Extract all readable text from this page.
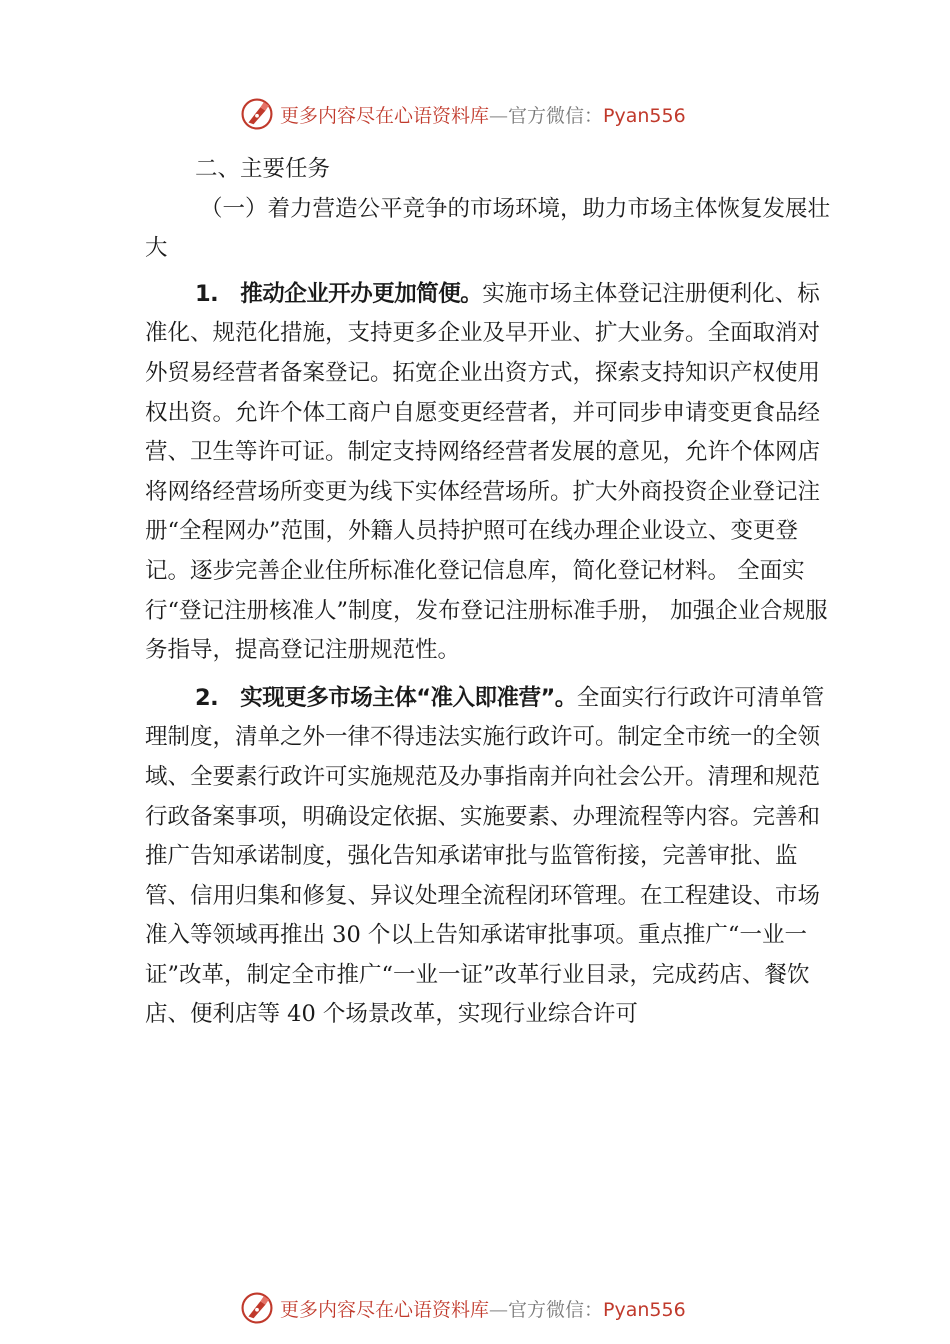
更多内容尽在心语资料库—官方微信：Pyan556

二、主要任务

（一）着力营造公平竞争的市场环境，助力市场主体恢复发展壮大

1. 推动企业开办更加简便。实施市场主体登记注册便利化、标准化、规范化措施，支持更多企业及早开业、扩大业务。全面取消对外贸易经营者备案登记。拓宽企业出资方式，探索支持知识产权使用权出资。允许个体工商户自愿变更经营者，并可同步申请变更食品经营、卫生等许可证。制定支持网络经营者发展的意见，允许个体网店将网络经营场所变更为线下实体经营场所。扩大外商投资企业登记注册“全程网办”范围，外籍人员持护照可在线办理企业设立、变更登记。逐步完善企业住所标准化登记信息库，简化登记材料。 全面实行“登记注册核准人”制度，发布登记注册标准手册， 加强企业合规服务指导，提高登记注册规范性。

2. 实现更多市场主体“准入即准营”。全面实行行政许可清单管理制度，清单之外一律不得违法实施行政许可。制定全市统一的全领域、全要素行政许可实施规范及办事指南并向社会公开。清理和规范行政备案事项，明确设定依据、实施要素、办理流程等内容。完善和推广告知承诺制度，强化告知承诺审批与监管衔接，完善审批、监管、信用归集和修复、异议处理全流程闭环管理。在工程建设、市场准入等领域再推出 30 个以上告知承诺审批事项。重点推广“一业一证”改革，制定全市推广“一业一证”改革行业目录，完成药店、餐饮店、便利店等 40 个场景改革，实现行业综合许可

更多内容尽在心语资料库—官方微信：Pyan556
